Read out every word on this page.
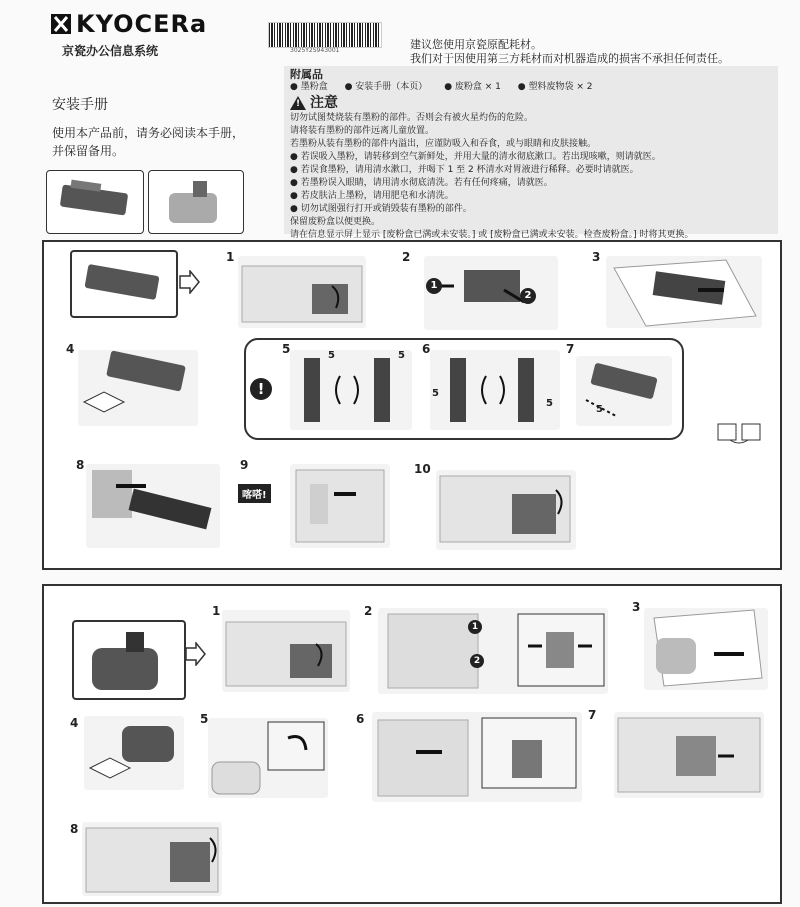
KYOCERa
京瓷办公信息系统	3025Y2S943001	建议您使用京瓷原配耗材。
我们对于因使用第三方耗材而对机器造成的损害不承担任何责任。
安装手册
使用本产品前，请务必阅读本手册，
并保留备用。
附属品
● 墨粉盒 ● 安装手册（本页） ● 废粉盒 × 1 ● 塑料废物袋 × 2
! 注意
切勿试图焚烧装有墨粉的部件。否则会有被火星灼伤的危险。
请将装有墨粉的部件远离儿童放置。
若墨粉从装有墨粉的部件内溢出，应谨防吸入和吞食，或与眼睛和皮肤接触。
● 若误吸入墨粉，请转移到空气新鲜处，并用大量的清水彻底漱口。若出现咳嗽，则请就医。
● 若误食墨粉，请用清水漱口，并喝下 1 至 2 杯清水对胃液进行稀释。必要时请就医。
● 若墨粉误入眼睛，请用清水彻底清洗。若有任何疼痛，请就医。
● 若皮肤沾上墨粉，请用肥皂和水清洗。
● 切勿试图强行打开或销毁装有墨粉的部件。
保留废粉盒以便更换。
请在信息显示屏上显示 [废粉盒已满或未安装。] 或 [废粉盒已满或未安装。检查废粉盒。] 时将其更换。
1	2
1
2
3
4
!
5	5	5 6
5
5
7
5
8	9
喀嗒!
10
1	2
1
2
3
4	5	6	7
8
